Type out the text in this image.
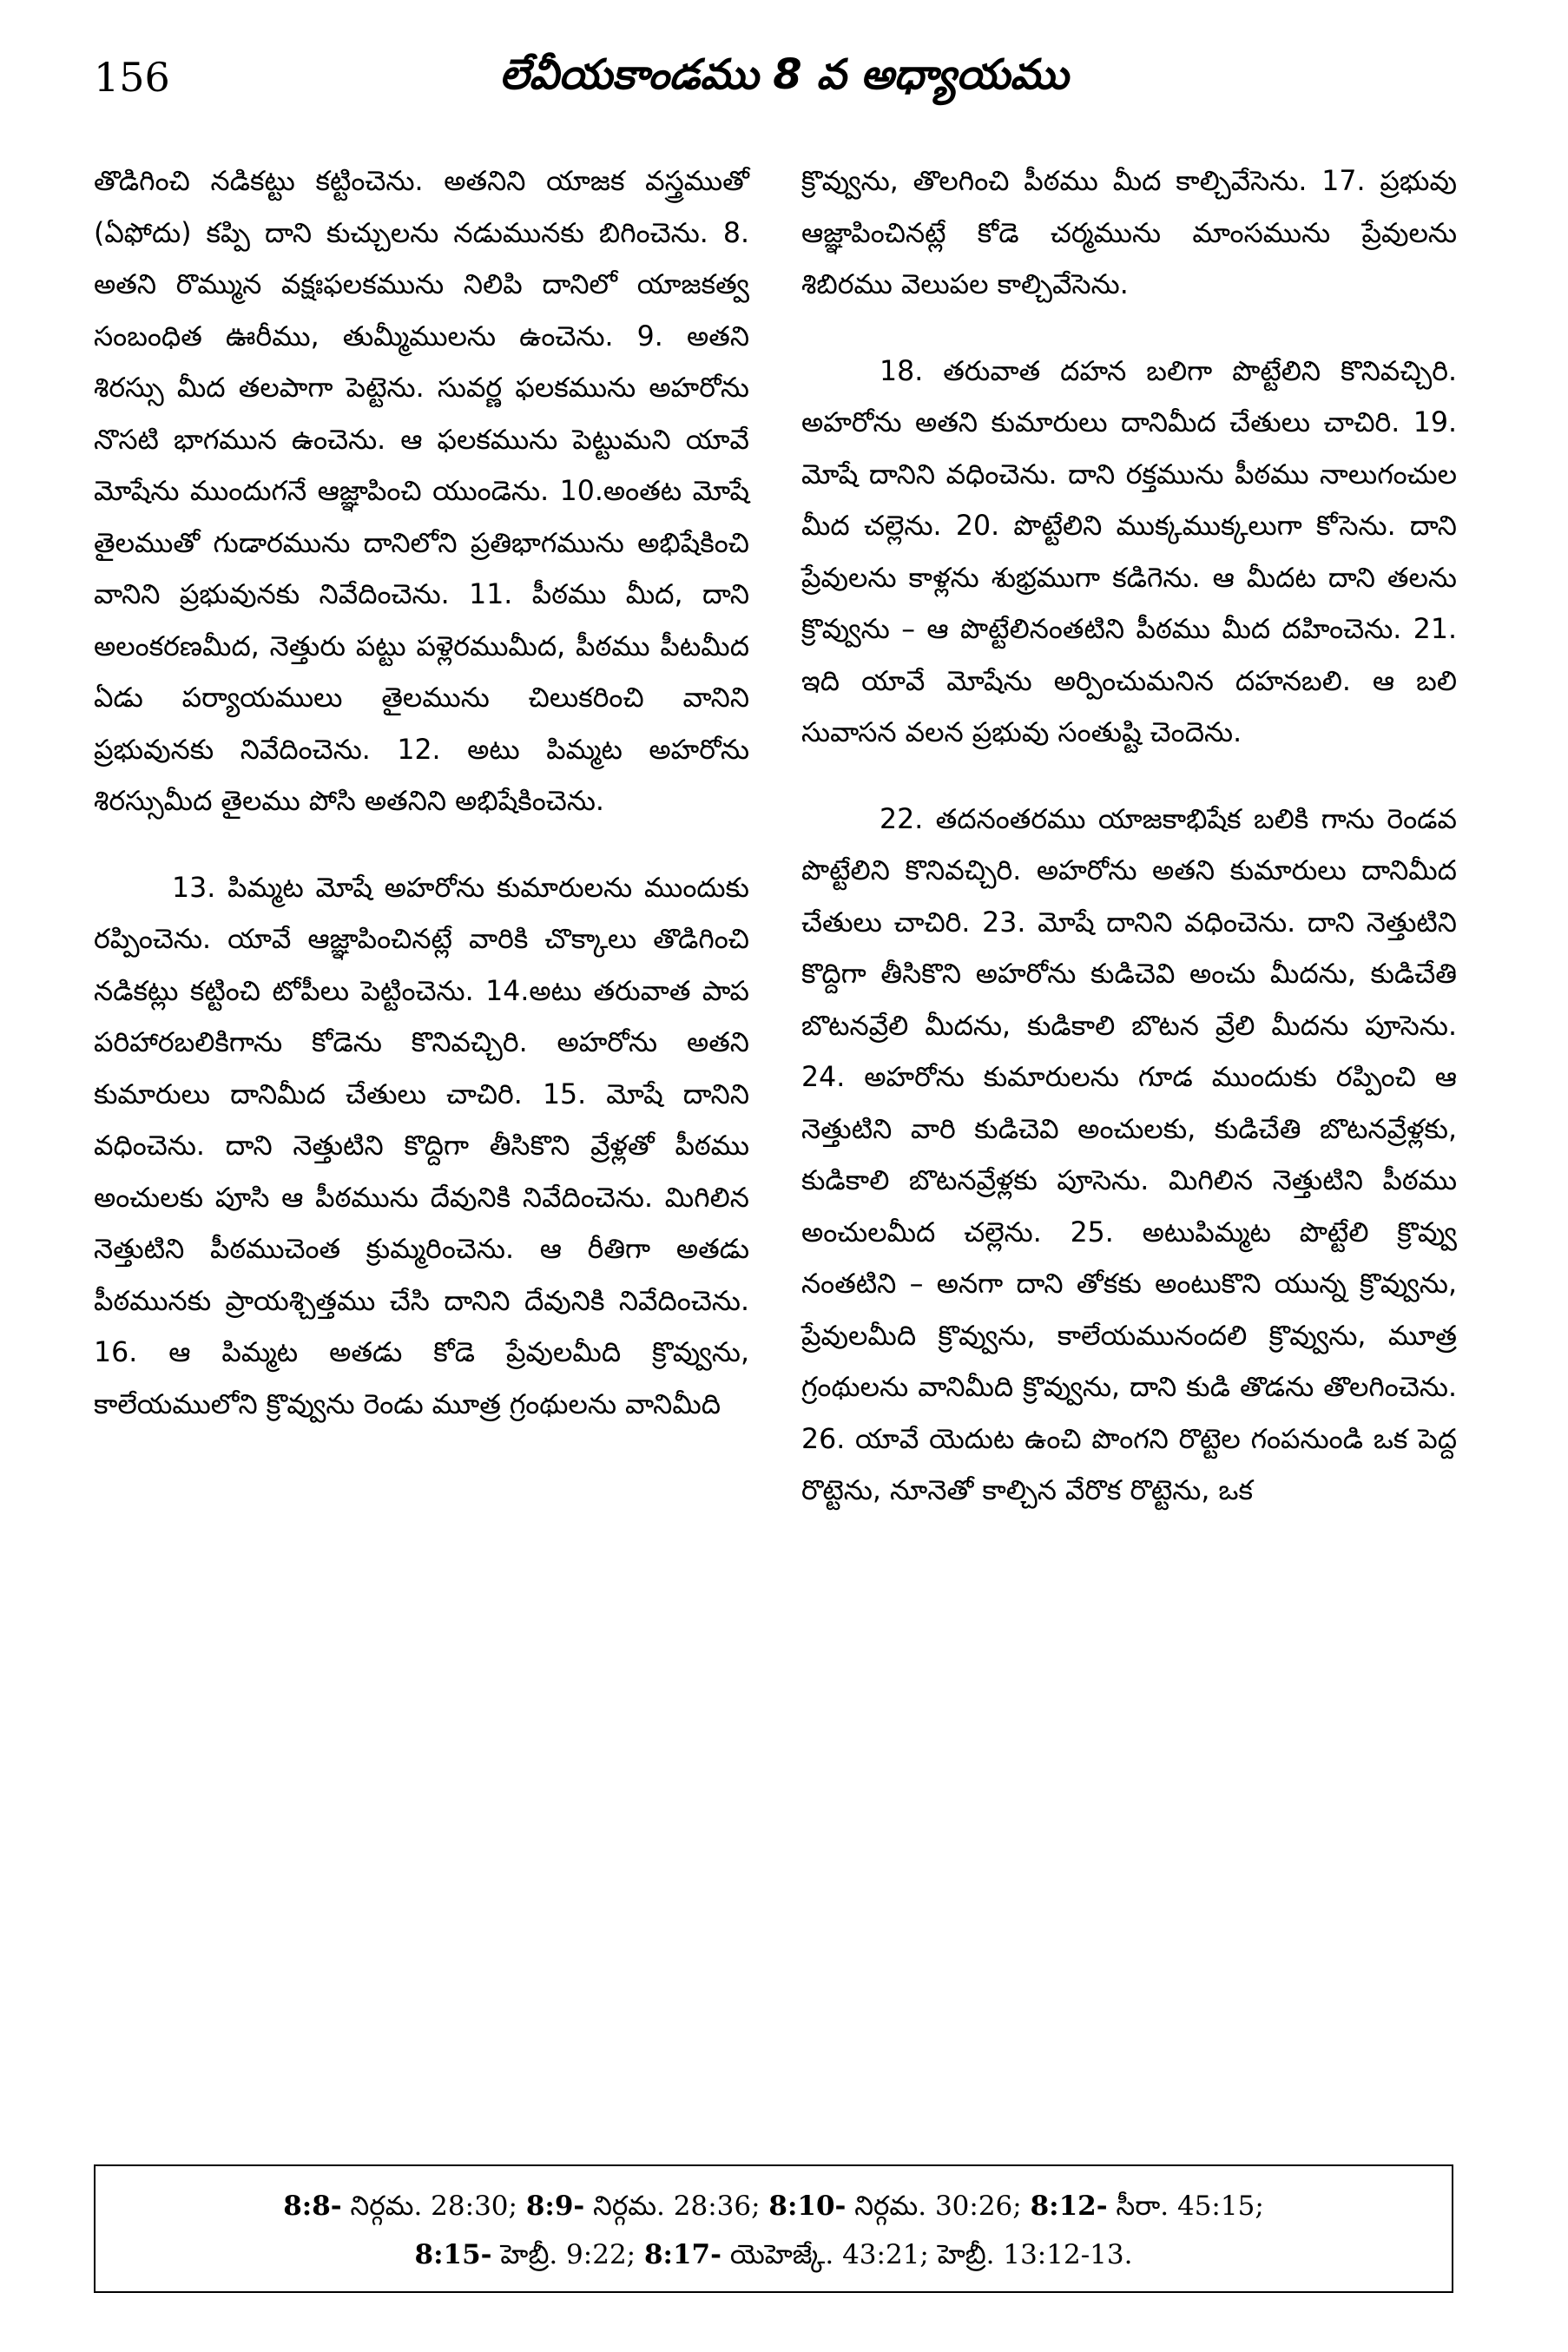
156	లేవీయకాండము 8 వ అధ్యాయము

తొడిగించి నడికట్టు కట్టించెను. అతనిని యాజక వస్త్రముతో (ఏఫోదు) కప్పి దాని కుచ్చులను నడుమునకు బిగించెను. 8. అతని రొమ్మున వక్షఃఫలకమును నిలిపి దానిలో యాజకత్వ సంబంధిత ఊరీము, తుమ్మీములను ఉంచెను. 9. అతని శిరస్సు మీద తలపాగా పెట్టెను. సువర్ణ ఫలకమును అహరోను నొసటి భాగమున ఉంచెను. ఆ ఫలకమును పెట్టుమని యావే మోషేను ముందుగనే ఆజ్ఞాపించి యుండెను. 10.అంతట మోషే తైలముతో గుడారమును దానిలోని ప్రతిభాగమును అభిషేకించి వానిని ప్రభువునకు నివేదించెను. 11. పీఠము మీద, దాని అలంకరణమీద, నెత్తురు పట్టు పళ్లెరముమీద, పీఠము పీటమీద ఏడు పర్యాయములు తైలమును చిలుకరించి వానిని ప్రభువునకు నివేదించెను. 12. అటు పిమ్మట అహరోను శిరస్సుమీద తైలము పోసి అతనిని అభిషేకించెను.

13. పిమ్మట మోషే అహరోను కుమారులను ముందుకు రప్పించెను. యావే ఆజ్ఞాపించినట్లే వారికి చొక్కాలు తొడిగించి నడికట్లు కట్టించి టోపీలు పెట్టించెను. 14.అటు తరువాత పాప పరిహారబలికిగాను కోడెను కొనివచ్చిరి. అహరోను అతని కుమారులు దానిమీద చేతులు చాచిరి. 15. మోషే దానిని వధించెను. దాని నెత్తుటిని కొద్దిగా తీసికొని వ్రేళ్లతో పీఠము అంచులకు పూసి ఆ పీఠమును దేవునికి నివేదించెను. మిగిలిన నెత్తుటిని పీఠముచెంత క్రుమ్మరించెను. ఆ రీతిగా అతడు పీఠమునకు ప్రాయశ్చిత్తము చేసి దానిని దేవునికి నివేదించెను. 16. ఆ పిమ్మట అతడు కోడె ప్రేవులమీది క్రొవ్వును, కాలేయములోని క్రొవ్వును రెండు మూత్ర గ్రంథులను వానిమీది

క్రొవ్వును, తొలగించి పీఠము మీద కాల్చివేసెను. 17. ప్రభువు ఆజ్ఞాపించినట్లే కోడె చర్మమును మాంసమును ప్రేవులను శిబిరము వెలుపల కాల్చివేసెను.

18. తరువాత దహన బలిగా పొట్టేలిని కొనివచ్చిరి. అహరోను అతని కుమారులు దానిమీద చేతులు చాచిరి. 19. మోషే దానిని వధించెను. దాని రక్తమును పీఠము నాలుగంచుల మీద చల్లెను. 20. పొట్టేలిని ముక్కముక్కలుగా కోసెను. దాని ప్రేవులను కాళ్లను శుభ్రముగా కడిగెను. ఆ మీదట దాని తలను క్రొవ్వును – ఆ పొట్టేలినంతటిని పీఠము మీద దహించెను. 21. ఇది యావే మోషేను అర్పించుమనిన దహనబలి. ఆ బలి సువాసన వలన ప్రభువు సంతుష్టి చెందెను.

22. తదనంతరము యాజకాభిషేక బలికి గాను రెండవ పొట్టేలిని కొనివచ్చిరి. అహరోను అతని కుమారులు దానిమీద చేతులు చాచిరి. 23. మోషే దానిని వధించెను. దాని నెత్తుటిని కొద్దిగా తీసికొని అహరోను కుడిచెవి అంచు మీదను, కుడిచేతి బొటనవ్రేలి మీదను, కుడికాలి బొటన వ్రేలి మీదను పూసెను. 24. అహరోను కుమారులను గూడ ముందుకు రప్పించి ఆ నెత్తుటిని వారి కుడిచెవి అంచులకు, కుడిచేతి బొటనవ్రేళ్లకు, కుడికాలి బొటనవ్రేళ్లకు పూసెను. మిగిలిన నెత్తుటిని పీఠము అంచులమీద చల్లెను. 25. అటుపిమ్మట పొట్టేలి క్రొవ్వు నంతటిని – అనగా దాని తోకకు అంటుకొని యున్న క్రొవ్వును, ప్రేవులమీది క్రొవ్వును, కాలేయమునందలి క్రొవ్వును, మూత్ర గ్రంథులను వానిమీది క్రొవ్వును, దాని కుడి తొడను తొలగించెను. 26. యావే యెదుట ఉంచి పొంగని రొట్టెల గంపనుండి ఒక పెద్ద రొట్టెను, నూనెతో కాల్చిన వేరొక రొట్టెను, ఒక

8:8- నిర్గమ. 28:30; 8:9- నిర్గమ. 28:36; 8:10- నిర్గమ. 30:26; 8:12- సీరా. 45:15;
8:15- హెబ్రీ. 9:22; 8:17- యెహెజ్కే. 43:21; హెబ్రీ. 13:12-13.
